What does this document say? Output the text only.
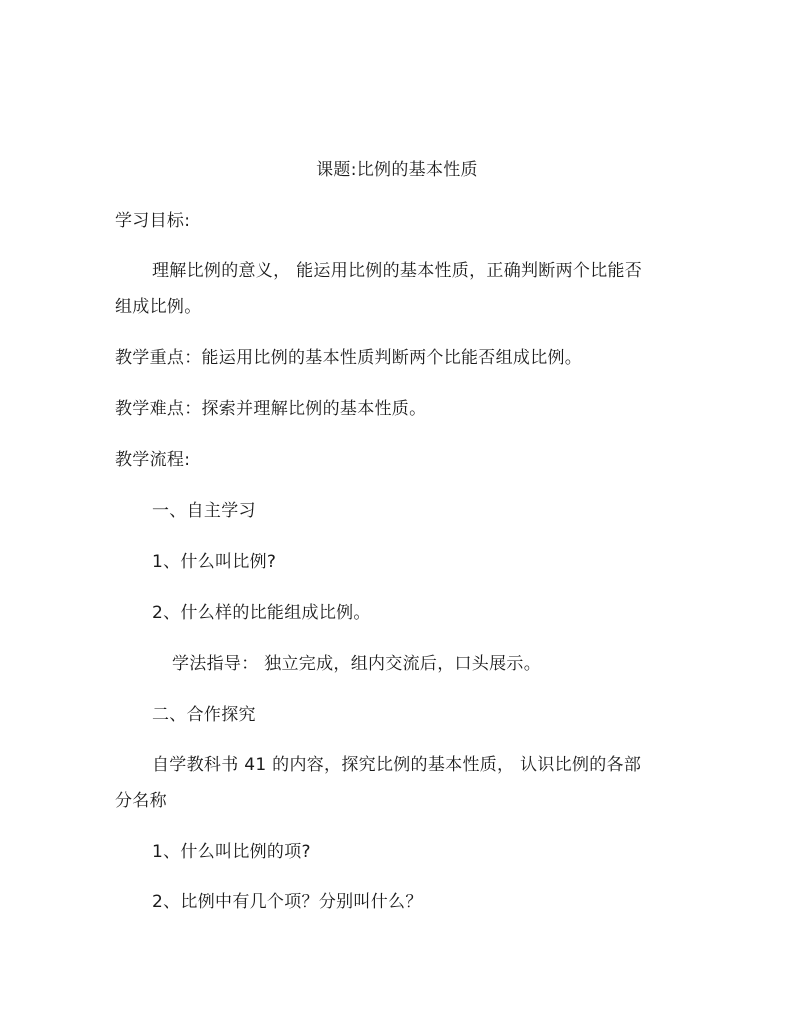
课题:比例的基本性质
学习目标:
理解比例的意义， 能运用比例的基本性质，正确判断两个比能否
组成比例。
教学重点：能运用比例的基本性质判断两个比能否组成比例。
教学难点：探索并理解比例的基本性质。
教学流程:
一、自主学习
1、什么叫比例?
2、什么样的比能组成比例。
学法指导： 独立完成，组内交流后，口头展示。
二、合作探究
自学教科书 41 的内容，探究比例的基本性质， 认识比例的各部
分名称
1、什么叫比例的项?
2、比例中有几个项？分别叫什么？
